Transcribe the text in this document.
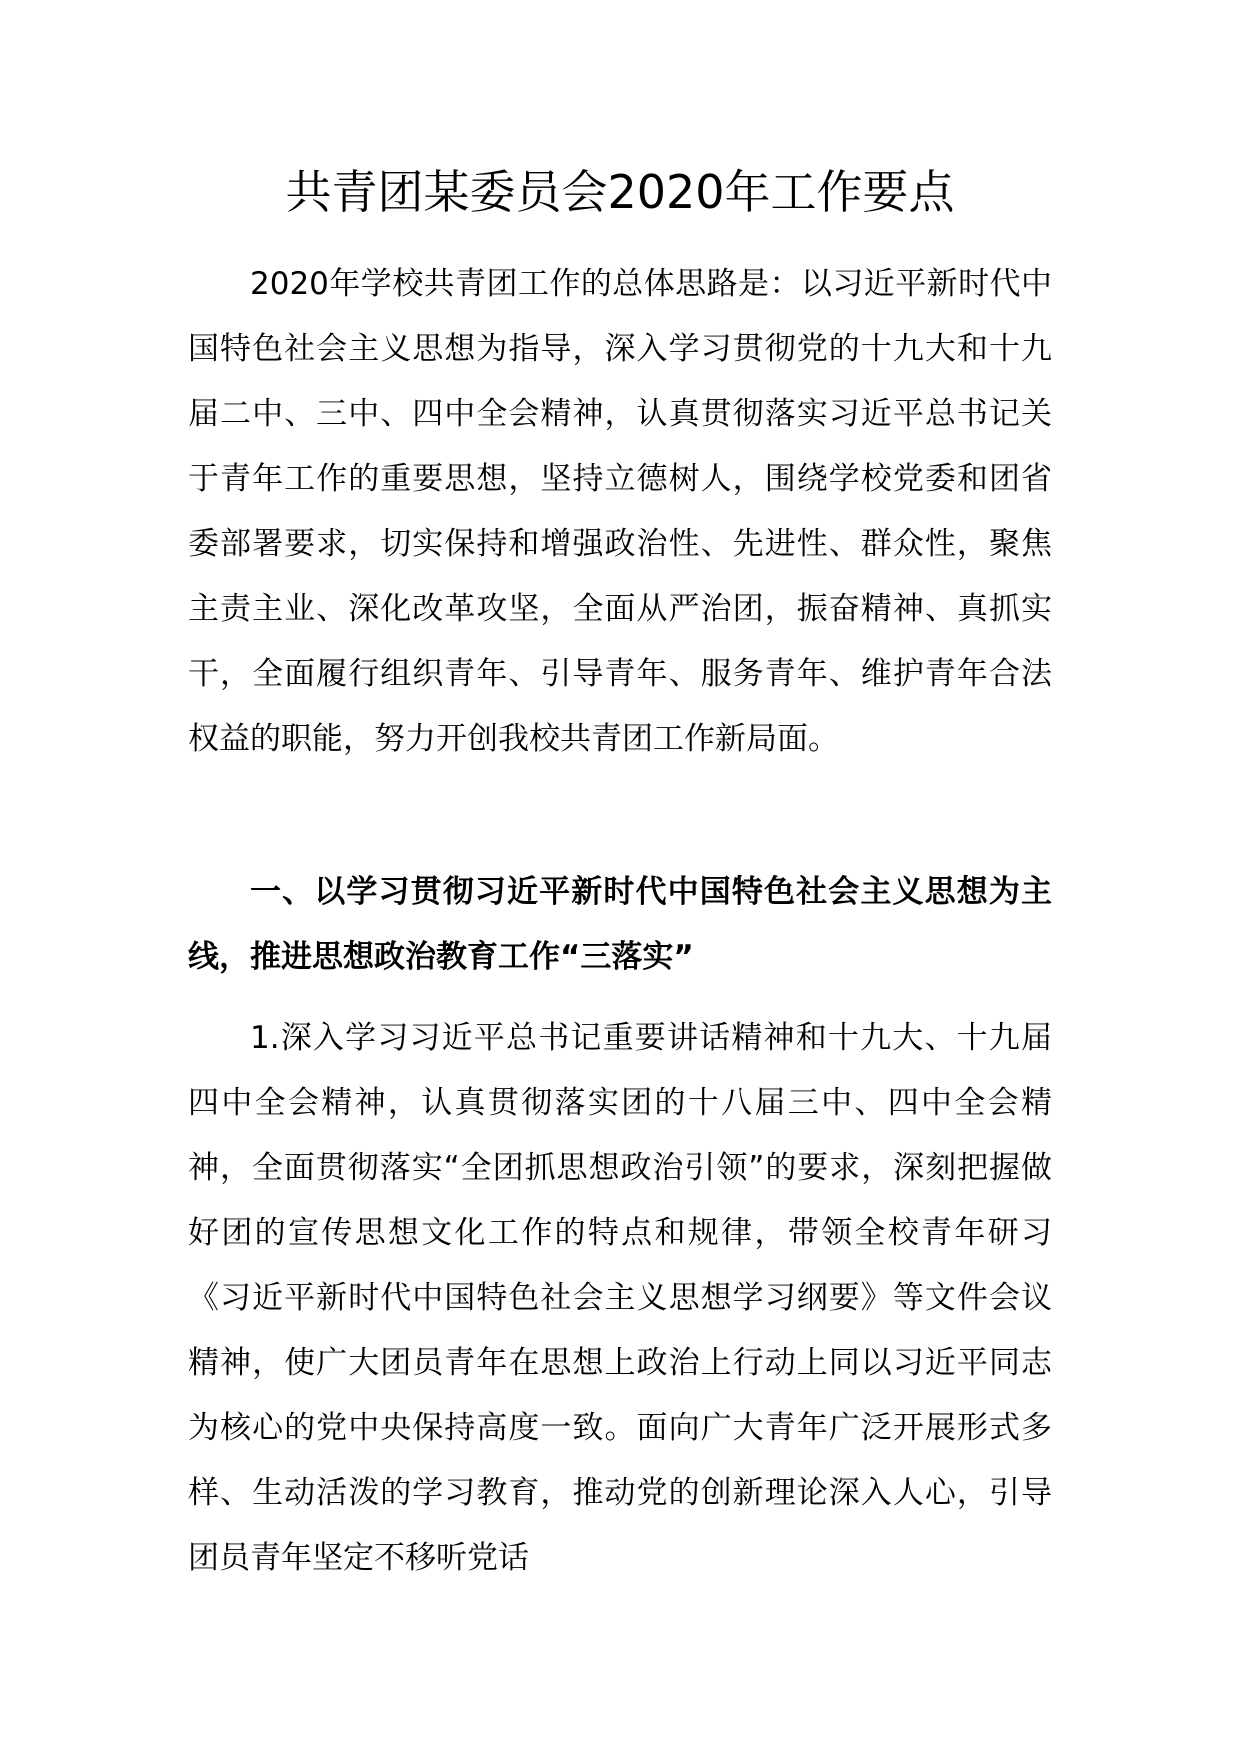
共青团某委员会2020年工作要点

2020年学校共青团工作的总体思路是：以习近平新时代中国特色社会主义思想为指导，深入学习贯彻党的十九大和十九届二中、三中、四中全会精神，认真贯彻落实习近平总书记关于青年工作的重要思想，坚持立德树人，围绕学校党委和团省委部署要求，切实保持和增强政治性、先进性、群众性，聚焦主责主业、深化改革攻坚，全面从严治团，振奋精神、真抓实干，全面履行组织青年、引导青年、服务青年、维护青年合法权益的职能，努力开创我校共青团工作新局面。

一、以学习贯彻习近平新时代中国特色社会主义思想为主线，推进思想政治教育工作“三落实”

1.深入学习习近平总书记重要讲话精神和十九大、十九届四中全会精神，认真贯彻落实团的十八届三中、四中全会精神，全面贯彻落实“全团抓思想政治引领”的要求，深刻把握做好团的宣传思想文化工作的特点和规律，带领全校青年研习《习近平新时代中国特色社会主义思想学习纲要》等文件会议精神，使广大团员青年在思想上政治上行动上同以习近平同志为核心的党中央保持高度一致。面向广大青年广泛开展形式多样、生动活泼的学习教育，推动党的创新理论深入人心，引导团员青年坚定不移听党话
